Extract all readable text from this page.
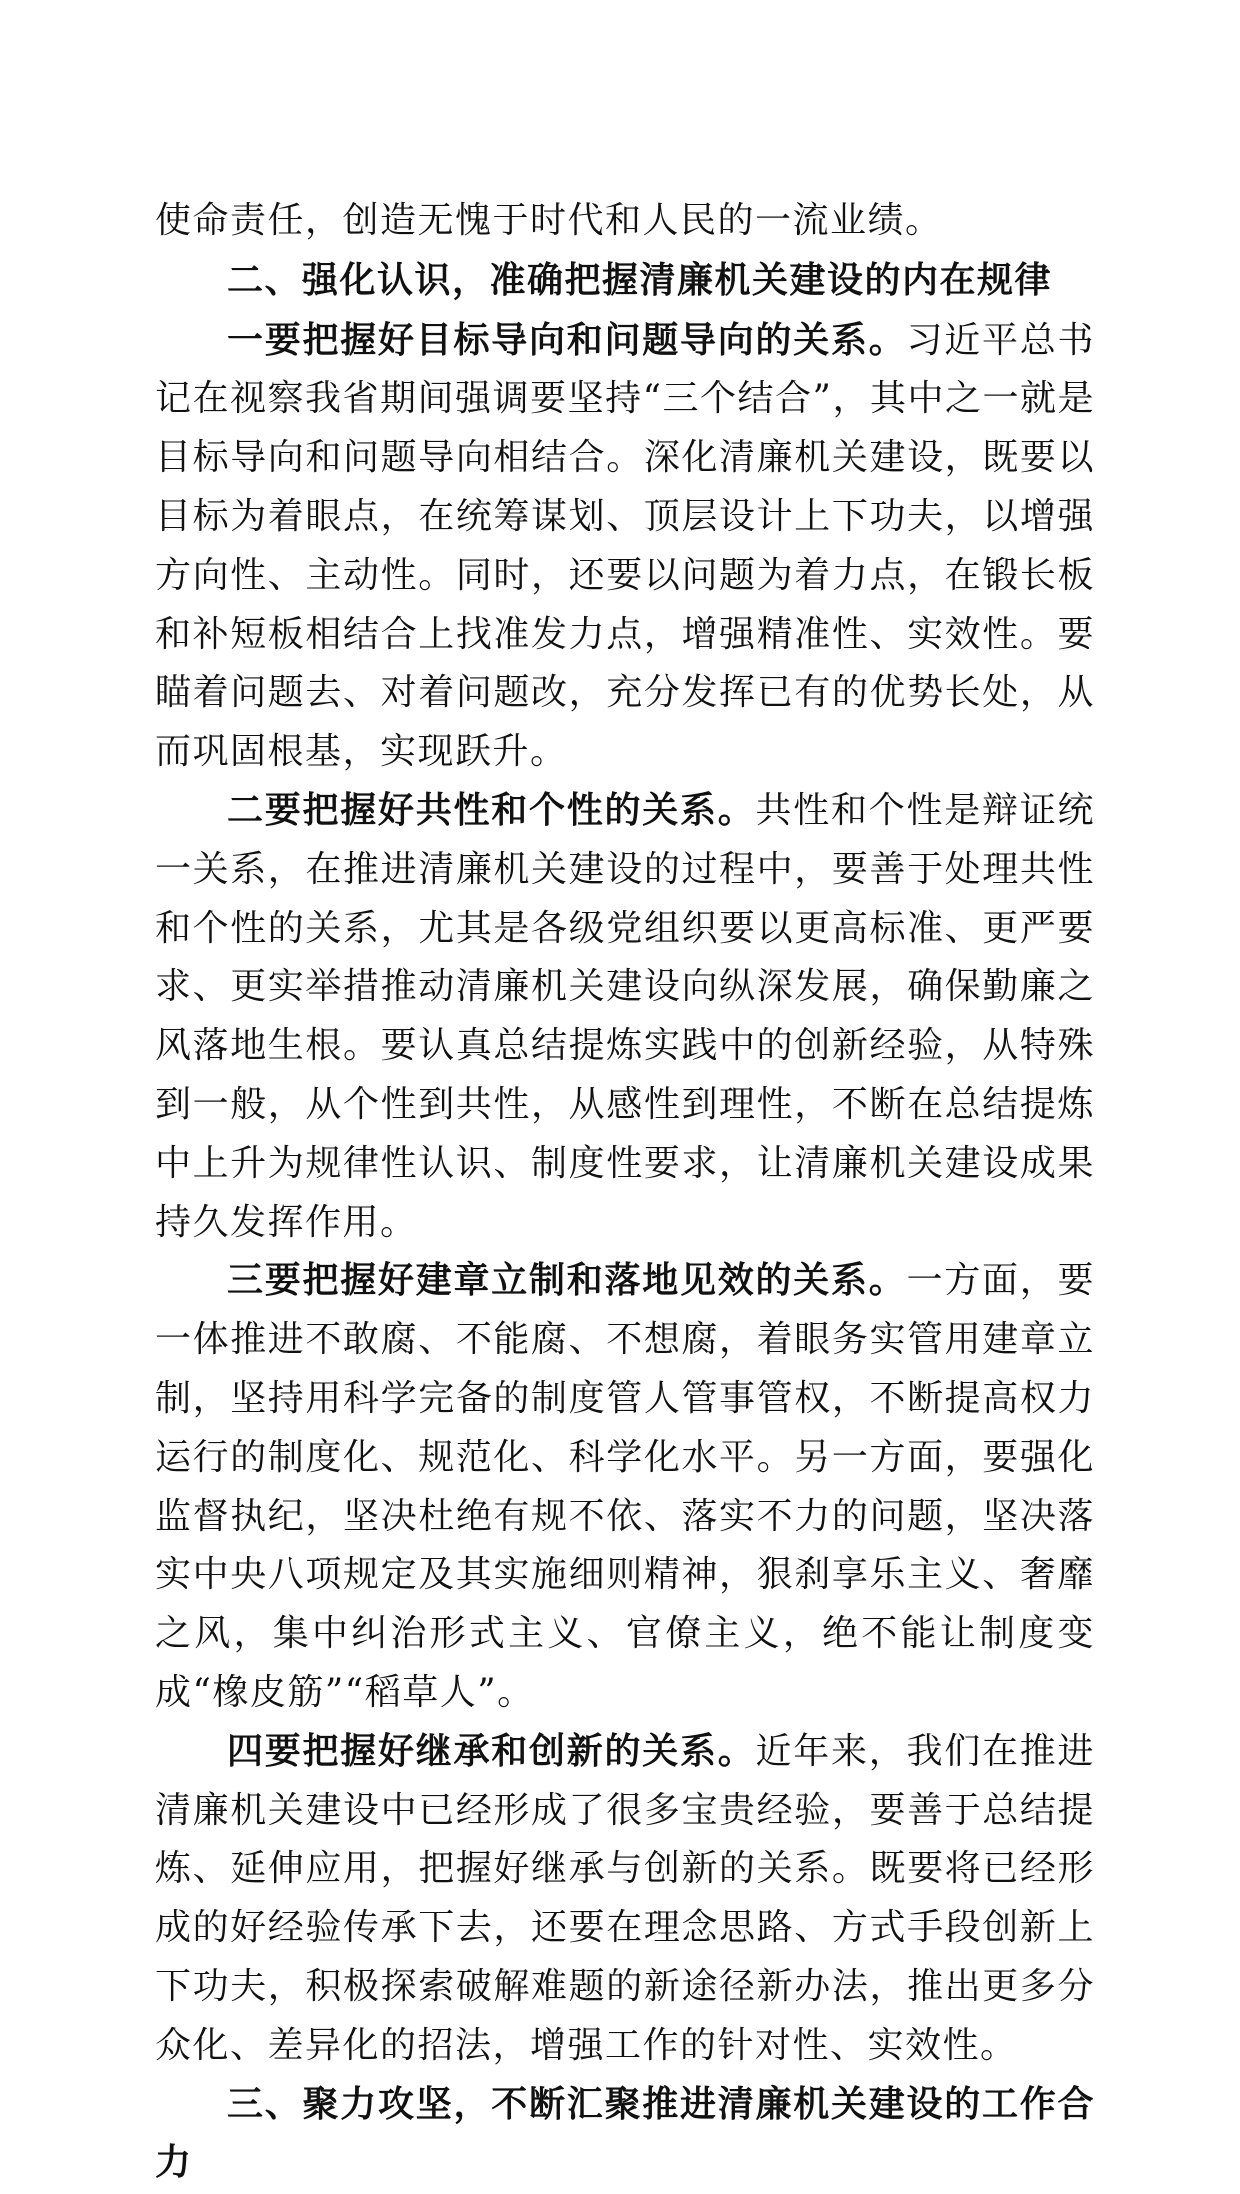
使命责任，创造无愧于时代和人民的一流业绩。

二、强化认识，准确把握清廉机关建设的内在规律

一要把握好目标导向和问题导向的关系。习近平总书记在视察我省期间强调要坚持“三个结合”，其中之一就是目标导向和问题导向相结合。深化清廉机关建设，既要以目标为着眼点，在统筹谋划、顶层设计上下功夫，以增强方向性、主动性。同时，还要以问题为着力点，在锻长板和补短板相结合上找准发力点，增强精准性、实效性。要瞄着问题去、对着问题改，充分发挥已有的优势长处，从而巩固根基，实现跃升。

二要把握好共性和个性的关系。共性和个性是辩证统一关系，在推进清廉机关建设的过程中，要善于处理共性和个性的关系，尤其是各级党组织要以更高标准、更严要求、更实举措推动清廉机关建设向纵深发展，确保勤廉之风落地生根。要认真总结提炼实践中的创新经验，从特殊到一般，从个性到共性，从感性到理性，不断在总结提炼中上升为规律性认识、制度性要求，让清廉机关建设成果持久发挥作用。

三要把握好建章立制和落地见效的关系。一方面，要一体推进不敢腐、不能腐、不想腐，着眼务实管用建章立制，坚持用科学完备的制度管人管事管权，不断提高权力运行的制度化、规范化、科学化水平。另一方面，要强化监督执纪，坚决杜绝有规不依、落实不力的问题，坚决落实中央八项规定及其实施细则精神，狠刹享乐主义、奢靡之风，集中纠治形式主义、官僚主义，绝不能让制度变成“橡皮筋”“稻草人”。

四要把握好继承和创新的关系。近年来，我们在推进清廉机关建设中已经形成了很多宝贵经验，要善于总结提炼、延伸应用，把握好继承与创新的关系。既要将已经形成的好经验传承下去，还要在理念思路、方式手段创新上下功夫，积极探索破解难题的新途径新办法，推出更多分众化、差异化的招法，增强工作的针对性、实效性。

三、聚力攻坚，不断汇聚推进清廉机关建设的工作合力
